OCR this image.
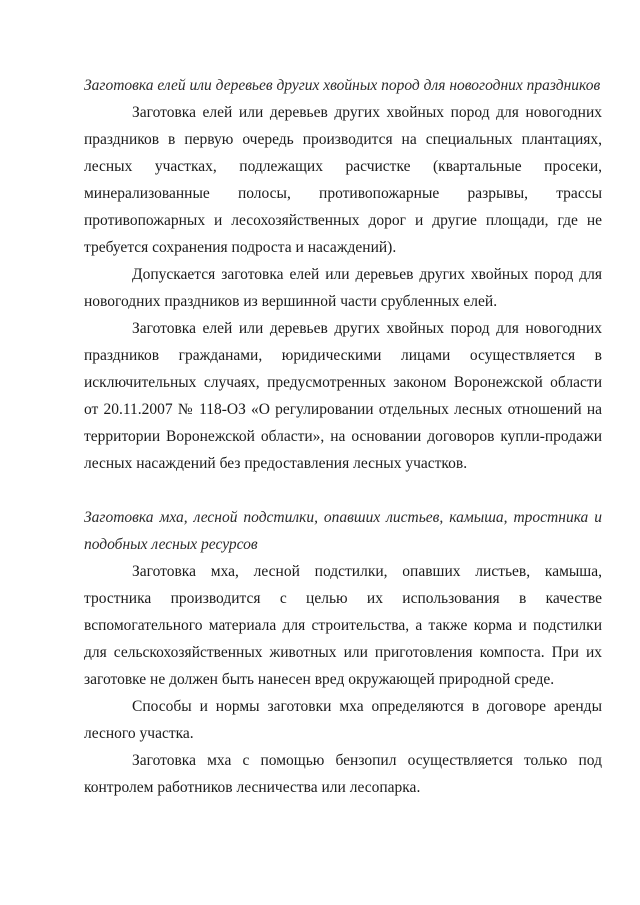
Заготовка елей или деревьев других хвойных пород для новогодних праздников

Заготовка елей или деревьев других хвойных пород для новогодних праздников в первую очередь производится на специальных плантациях, лесных участках, подлежащих расчистке (квартальные просеки, минерализованные полосы, противопожарные разрывы, трассы противопожарных и лесохозяйственных дорог и другие площади, где не требуется сохранения подроста и насаждений).

Допускается заготовка елей или деревьев других хвойных пород для новогодних праздников из вершинной части срубленных елей.

Заготовка елей или деревьев других хвойных пород для новогодних праздников гражданами, юридическими лицами осуществляется в исключительных случаях, предусмотренных законом Воронежской области от 20.11.2007 № 118-ОЗ «О регулировании отдельных лесных отношений на территории Воронежской области», на основании договоров купли-продажи лесных насаждений без предоставления лесных участков.

Заготовка мха, лесной подстилки, опавших листьев, камыша, тростника и подобных лесных ресурсов

Заготовка мха, лесной подстилки, опавших листьев, камыша, тростника производится с целью их использования в качестве вспомогательного материала для строительства, а также корма и подстилки для сельскохозяйственных животных или приготовления компоста. При их заготовке не должен быть нанесен вред окружающей природной среде.

Способы и нормы заготовки мха определяются в договоре аренды лесного участка.

Заготовка мха с помощью бензопил осуществляется только под контролем работников лесничества или лесопарка.
